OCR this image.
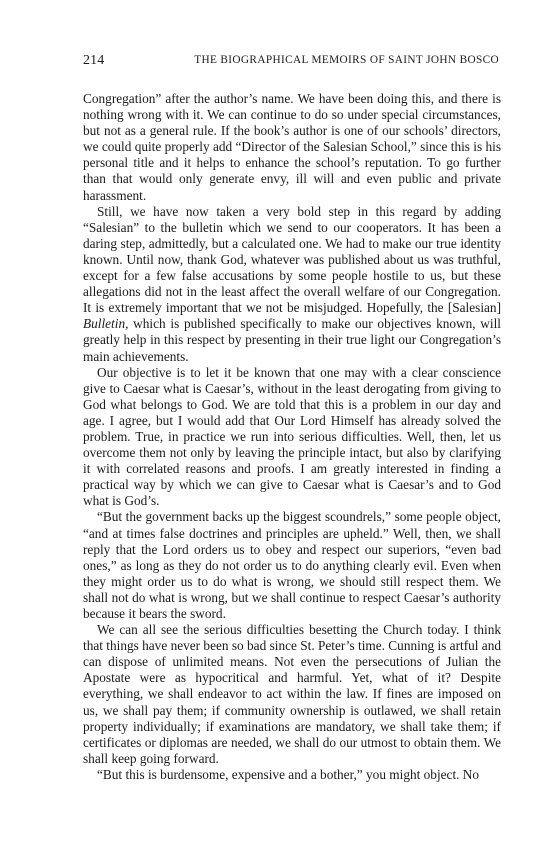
214	THE BIOGRAPHICAL MEMOIRS OF SAINT JOHN BOSCO

Congregation” after the author’s name. We have been doing this, and there is nothing wrong with it. We can continue to do so under special circumstances, but not as a general rule. If the book’s author is one of our schools’ directors, we could quite properly add “Director of the Salesian School,” since this is his personal title and it helps to enhance the school’s reputation. To go further than that would only generate envy, ill will and even public and private harassment.

Still, we have now taken a very bold step in this regard by adding “Salesian” to the bulletin which we send to our cooperators. It has been a daring step, admittedly, but a calculated one. We had to make our true identity known. Until now, thank God, whatever was published about us was truthful, except for a few false accusations by some people hostile to us, but these allegations did not in the least affect the overall welfare of our Congregation. It is extremely important that we not be misjudged. Hopefully, the [Salesian] Bulletin, which is published specifically to make our objectives known, will greatly help in this respect by presenting in their true light our Congregation’s main achievements.

Our objective is to let it be known that one may with a clear conscience give to Caesar what is Caesar’s, without in the least derogating from giving to God what belongs to God. We are told that this is a problem in our day and age. I agree, but I would add that Our Lord Himself has already solved the problem. True, in practice we run into serious difficulties. Well, then, let us overcome them not only by leaving the principle intact, but also by clarifying it with correlated reasons and proofs. I am greatly interested in finding a practical way by which we can give to Caesar what is Caesar’s and to God what is God’s.

“But the government backs up the biggest scoundrels,” some people object, “and at times false doctrines and principles are upheld.” Well, then, we shall reply that the Lord orders us to obey and respect our superiors, “even bad ones,” as long as they do not order us to do anything clearly evil. Even when they might order us to do what is wrong, we should still respect them. We shall not do what is wrong, but we shall continue to respect Caesar’s authority because it bears the sword.

We can all see the serious difficulties besetting the Church today. I think that things have never been so bad since St. Peter’s time. Cunning is artful and can dispose of unlimited means. Not even the persecutions of Julian the Apostate were as hypocritical and harmful. Yet, what of it? Despite everything, we shall endeavor to act within the law. If fines are imposed on us, we shall pay them; if community ownership is outlawed, we shall retain property individually; if examinations are mandatory, we shall take them; if certificates or diplomas are needed, we shall do our utmost to obtain them. We shall keep going forward.

“But this is burdensome, expensive and a bother,” you might object. No
